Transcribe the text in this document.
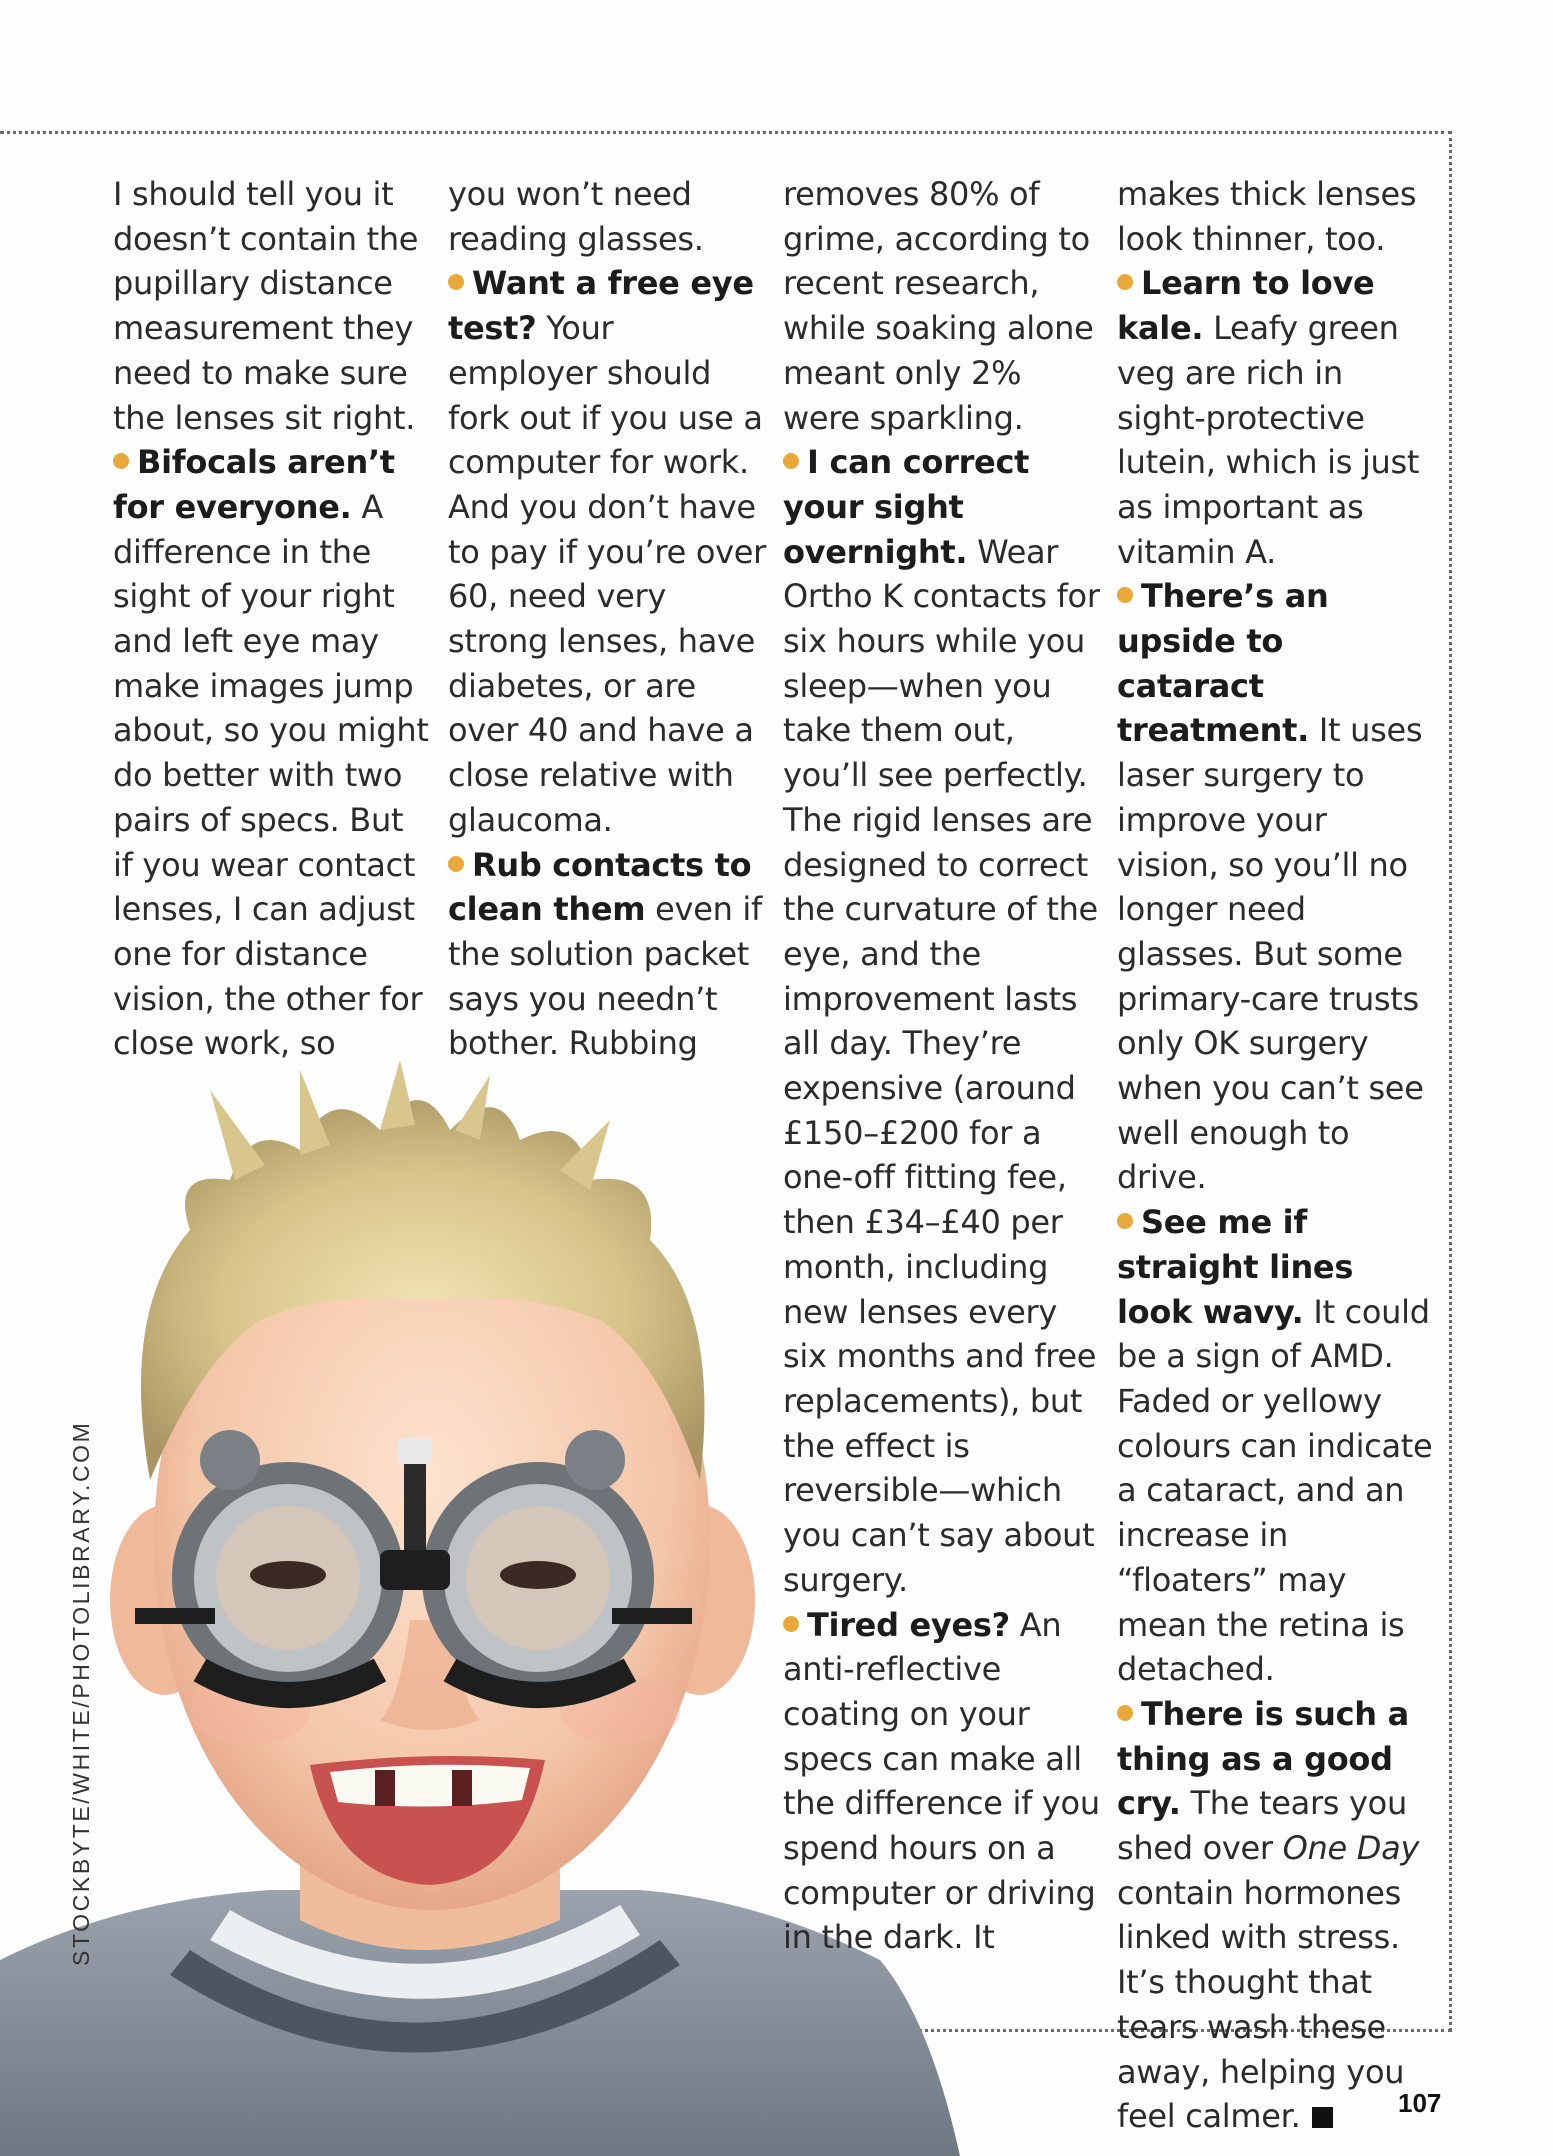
I should tell you it doesn’t contain the pupillary distance measurement they need to make sure the lenses sit right.

Bifocals aren’t for everyone. A difference in the sight of your right and left eye may make images jump about, so you might do better with two pairs of specs. But if you wear contact lenses, I can adjust one for distance vision, the other for close work, so

you won’t need reading glasses.

Want a free eye test? Your employer should fork out if you use a computer for work. And you don’t have to pay if you’re over 60, need very strong lenses, have diabetes, or are over 40 and have a close relative with glaucoma.

Rub contacts to clean them even if the solution packet says you needn’t bother. Rubbing

removes 80% of grime, according to recent research, while soaking alone meant only 2% were sparkling.

I can correct your sight overnight. Wear Ortho K contacts for six hours while you sleep—when you take them out, you’ll see perfectly. The rigid lenses are designed to correct the curvature of the eye, and the improvement lasts all day. They’re expensive (around £150–£200 for a one-off fitting fee, then £34–£40 per month, including new lenses every six months and free replacements), but the effect is reversible—which you can’t say about surgery.

Tired eyes? An anti-reflective coating on your specs can make all the difference if you spend hours on a computer or driving in the dark. It

makes thick lenses look thinner, too.

Learn to love kale. Leafy green veg are rich in sight-protective lutein, which is just as important as vitamin A.

There’s an upside to cataract treatment. It uses laser surgery to improve your vision, so you’ll no longer need glasses. But some primary-care trusts only OK surgery when you can’t see well enough to drive.

See me if straight lines look wavy. It could be a sign of AMD. Faded or yellowy colours can indicate a cataract, and an increase in “floaters” may mean the retina is detached.

There is such a thing as a good cry. The tears you shed over One Day contain hormones linked with stress. It’s thought that tears wash these away, helping you feel calmer.

STOCKBYTE/WHITE/PHOTOLIBRARY.COM
107
